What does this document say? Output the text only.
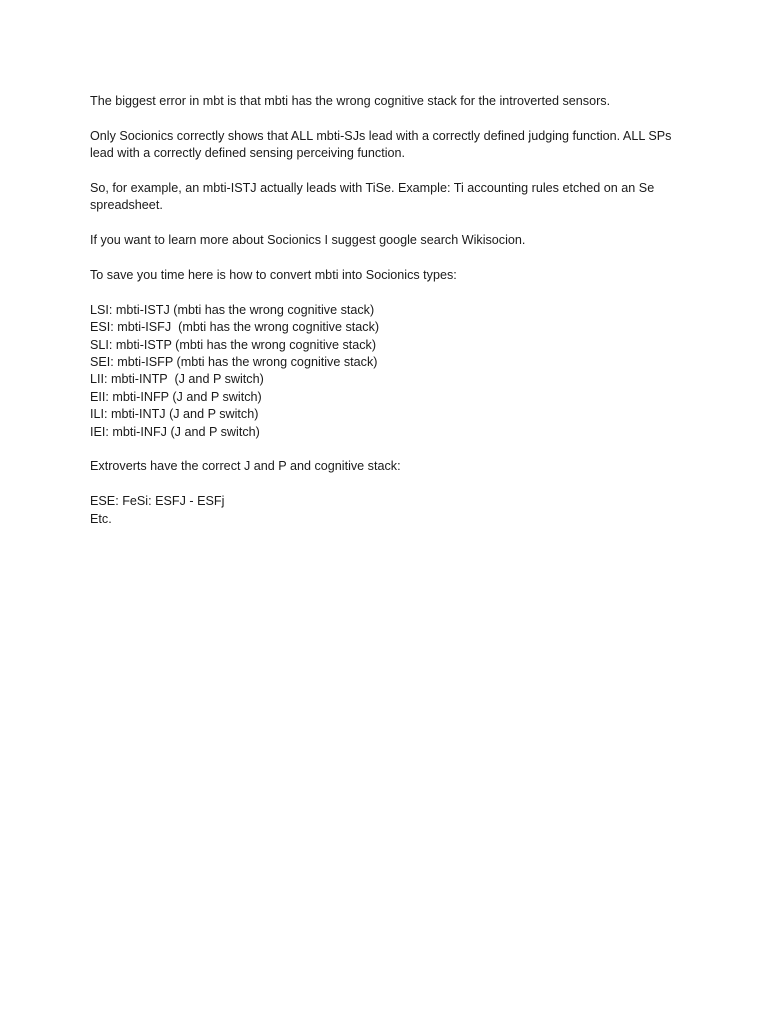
The biggest error in mbt is that mbti has the wrong cognitive stack for the introverted sensors.

Only Socionics correctly shows that ALL mbti-SJs lead with a correctly defined judging function. ALL SPs lead with a correctly defined sensing perceiving function.

So, for example, an mbti-ISTJ actually leads with TiSe. Example: Ti accounting rules etched on an Se spreadsheet.

If you want to learn more about Socionics I suggest google search Wikisocion.

To save you time here is how to convert mbti into Socionics types:

LSI: mbti-ISTJ (mbti has the wrong cognitive stack)
ESI: mbti-ISFJ  (mbti has the wrong cognitive stack)
SLI: mbti-ISTP (mbti has the wrong cognitive stack)
SEI: mbti-ISFP (mbti has the wrong cognitive stack)
LII: mbti-INTP  (J and P switch)
EII: mbti-INFP (J and P switch)
ILI: mbti-INTJ (J and P switch)
IEI: mbti-INFJ (J and P switch)

Extroverts have the correct J and P and cognitive stack:

ESE: FeSi: ESFJ - ESFj
Etc.
